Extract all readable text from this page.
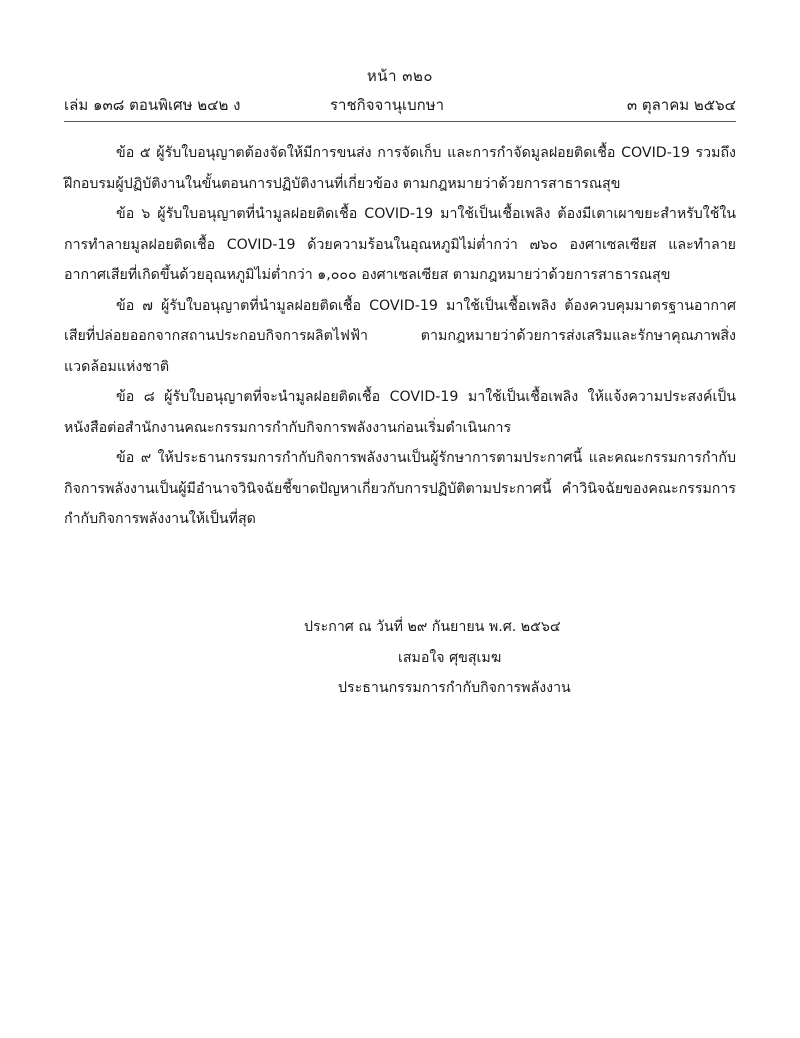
หน้า ๓๒๐
เล่ม ๑๓๘ ตอนพิเศษ ๒๔๒ ง	ราชกิจจานุเบกษา	๓ ตุลาคม ๒๕๖๔

ข้อ ๕ ผู้รับใบอนุญาตต้องจัดให้มีการขนส่ง การจัดเก็บ และการกำจัดมูลฝอยติดเชื้อ COVID-19 รวมถึงฝึกอบรมผู้ปฏิบัติงานในขั้นตอนการปฏิบัติงานที่เกี่ยวข้อง ตามกฎหมายว่าด้วยการสาธารณสุข

ข้อ ๖ ผู้รับใบอนุญาตที่นำมูลฝอยติดเชื้อ COVID-19 มาใช้เป็นเชื้อเพลิง ต้องมีเตาเผาขยะสำหรับใช้ในการทำลายมูลฝอยติดเชื้อ COVID-19 ด้วยความร้อนในอุณหภูมิไม่ต่ำกว่า ๗๖๐ องศาเซลเซียส และทำลายอากาศเสียที่เกิดขึ้นด้วยอุณหภูมิไม่ต่ำกว่า ๑,๐๐๐ องศาเซลเซียส ตามกฎหมายว่าด้วยการสาธารณสุข

ข้อ ๗ ผู้รับใบอนุญาตที่นำมูลฝอยติดเชื้อ COVID-19 มาใช้เป็นเชื้อเพลิง ต้องควบคุมมาตรฐานอากาศเสียที่ปล่อยออกจากสถานประกอบกิจการผลิตไฟฟ้า ตามกฎหมายว่าด้วยการส่งเสริมและรักษาคุณภาพสิ่งแวดล้อมแห่งชาติ

ข้อ ๘ ผู้รับใบอนุญาตที่จะนำมูลฝอยติดเชื้อ COVID-19 มาใช้เป็นเชื้อเพลิง ให้แจ้งความประสงค์เป็นหนังสือต่อสำนักงานคณะกรรมการกำกับกิจการพลังงานก่อนเริ่มดำเนินการ

ข้อ ๙ ให้ประธานกรรมการกำกับกิจการพลังงานเป็นผู้รักษาการตามประกาศนี้ และคณะกรรมการกำกับกิจการพลังงานเป็นผู้มีอำนาจวินิจฉัยชี้ขาดปัญหาเกี่ยวกับการปฏิบัติตามประกาศนี้ คำวินิจฉัยของคณะกรรมการกำกับกิจการพลังงานให้เป็นที่สุด

ประกาศ ณ วันที่ ๒๙ กันยายน พ.ศ. ๒๕๖๔
เสมอใจ ศุขสุเมฆ
ประธานกรรมการกำกับกิจการพลังงาน
